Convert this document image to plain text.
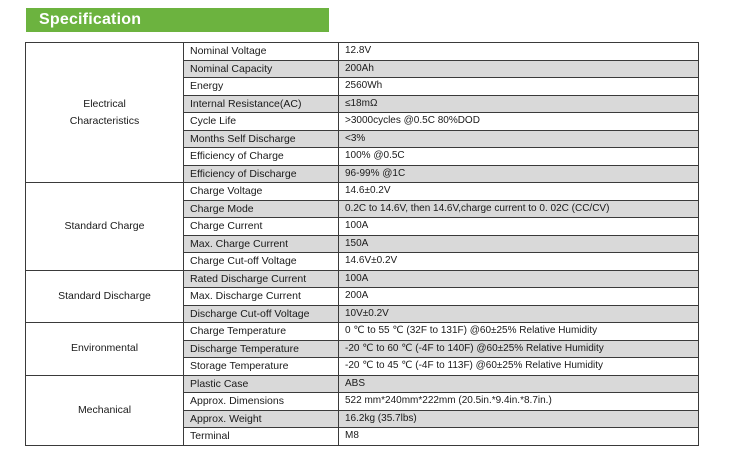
Specification
Electrical
Characteristics	Nominal Voltage	12.8V
	Nominal Capacity	200Ah
	Energy	2560Wh
	Internal Resistance(AC)	≤18mΩ
	Cycle Life	>3000cycles @0.5C 80%DOD
	Months Self Discharge	<3%
	Efficiency of Charge	100% @0.5C
	Efficiency of Discharge	96-99% @1C

Standard Charge	Charge Voltage	14.6±0.2V
	Charge Mode	0.2C to 14.6V, then 14.6V,charge current to 0. 02C (CC/CV)
	Charge Current	100A
	Max. Charge Current	150A
	Charge Cut-off Voltage	14.6V±0.2V

Standard Discharge	Rated Discharge Current	100A
	Max. Discharge Current	200A
	Discharge Cut-off Voltage	10V±0.2V

Environmental	Charge Temperature	0 ℃ to 55 ℃ (32F to 131F) @60±25% Relative Humidity
	Discharge Temperature	-20 ℃ to 60 ℃ (-4F to 140F) @60±25% Relative Humidity
	Storage Temperature	-20 ℃ to 45 ℃ (-4F to 113F) @60±25% Relative Humidity

Mechanical	Plastic Case	ABS
	Approx. Dimensions	522 mm*240mm*222mm (20.5in.*9.4in.*8.7in.)
	Approx. Weight	16.2kg (35.7lbs)
	Terminal	M8
